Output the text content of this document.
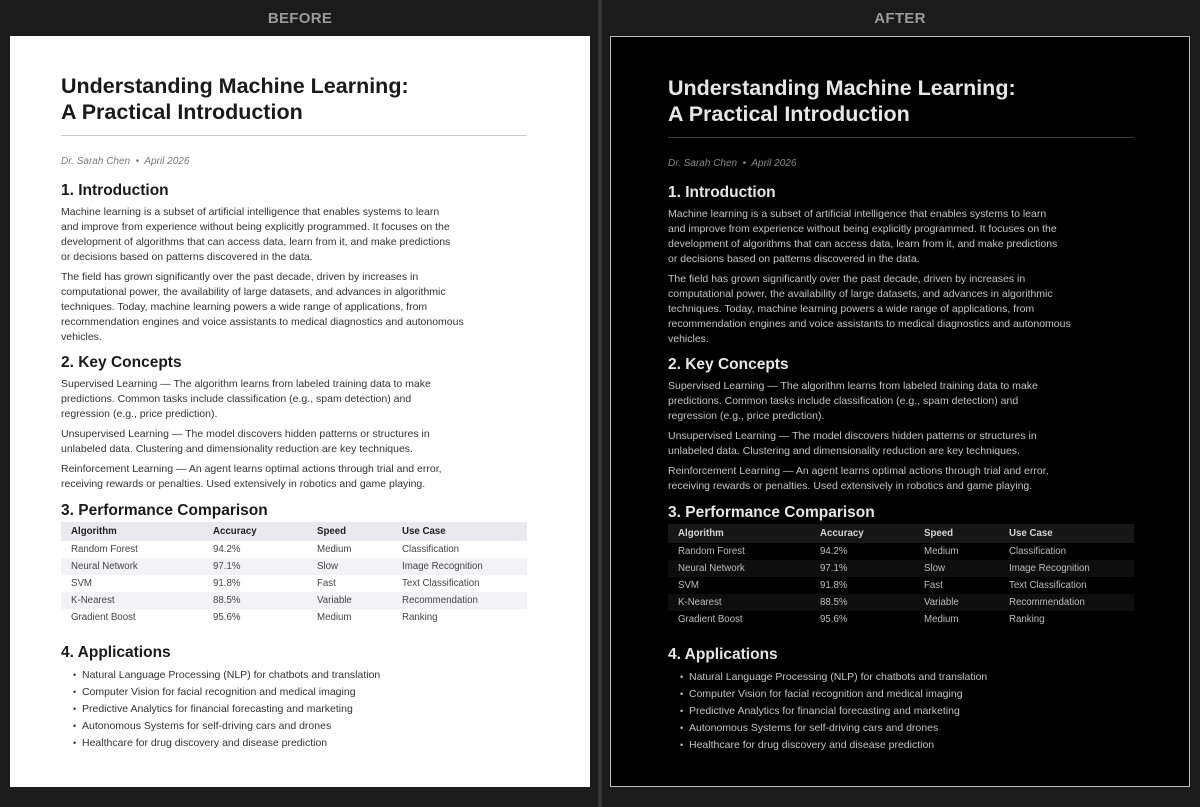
BEFORE	AFTER
Understanding Machine Learning:
A Practical Introduction
Dr. Sarah Chen • April 2026
1. Introduction
Machine learning is a subset of artificial intelligence that enables systems to learn and improve from experience without being explicitly programmed. It focuses on the development of algorithms that can access data, learn from it, and make predictions or decisions based on patterns discovered in the data.
The field has grown significantly over the past decade, driven by increases in computational power, the availability of large datasets, and advances in algorithmic techniques. Today, machine learning powers a wide range of applications, from recommendation engines and voice assistants to medical diagnostics and autonomous vehicles.
2. Key Concepts
Supervised Learning — The algorithm learns from labeled training data to make predictions. Common tasks include classification (e.g., spam detection) and regression (e.g., price prediction).
Unsupervised Learning — The model discovers hidden patterns or structures in unlabeled data. Clustering and dimensionality reduction are key techniques.
Reinforcement Learning — An agent learns optimal actions through trial and error, receiving rewards or penalties. Used extensively in robotics and game playing.
3. Performance Comparison
Algorithm	Accuracy	Speed	Use Case
Random Forest	94.2%	Medium	Classification
Neural Network	97.1%	Slow	Image Recognition
SVM	91.8%	Fast	Text Classification
K-Nearest	88.5%	Variable	Recommendation
Gradient Boost	95.6%	Medium	Ranking
4. Applications
• Natural Language Processing (NLP) for chatbots and translation
• Computer Vision for facial recognition and medical imaging
• Predictive Analytics for financial forecasting and marketing
• Autonomous Systems for self-driving cars and drones
• Healthcare for drug discovery and disease prediction
Understanding Machine Learning:
A Practical Introduction
Dr. Sarah Chen • April 2026
1. Introduction
Machine learning is a subset of artificial intelligence that enables systems to learn and improve from experience without being explicitly programmed. It focuses on the development of algorithms that can access data, learn from it, and make predictions or decisions based on patterns discovered in the data.
The field has grown significantly over the past decade, driven by increases in computational power, the availability of large datasets, and advances in algorithmic techniques. Today, machine learning powers a wide range of applications, from recommendation engines and voice assistants to medical diagnostics and autonomous vehicles.
2. Key Concepts
Supervised Learning — The algorithm learns from labeled training data to make predictions. Common tasks include classification (e.g., spam detection) and regression (e.g., price prediction).
Unsupervised Learning — The model discovers hidden patterns or structures in unlabeled data. Clustering and dimensionality reduction are key techniques.
Reinforcement Learning — An agent learns optimal actions through trial and error, receiving rewards or penalties. Used extensively in robotics and game playing.
3. Performance Comparison
Algorithm	Accuracy	Speed	Use Case
Random Forest	94.2%	Medium	Classification
Neural Network	97.1%	Slow	Image Recognition
SVM	91.8%	Fast	Text Classification
K-Nearest	88.5%	Variable	Recommendation
Gradient Boost	95.6%	Medium	Ranking
4. Applications
• Natural Language Processing (NLP) for chatbots and translation
• Computer Vision for facial recognition and medical imaging
• Predictive Analytics for financial forecasting and marketing
• Autonomous Systems for self-driving cars and drones
• Healthcare for drug discovery and disease prediction
